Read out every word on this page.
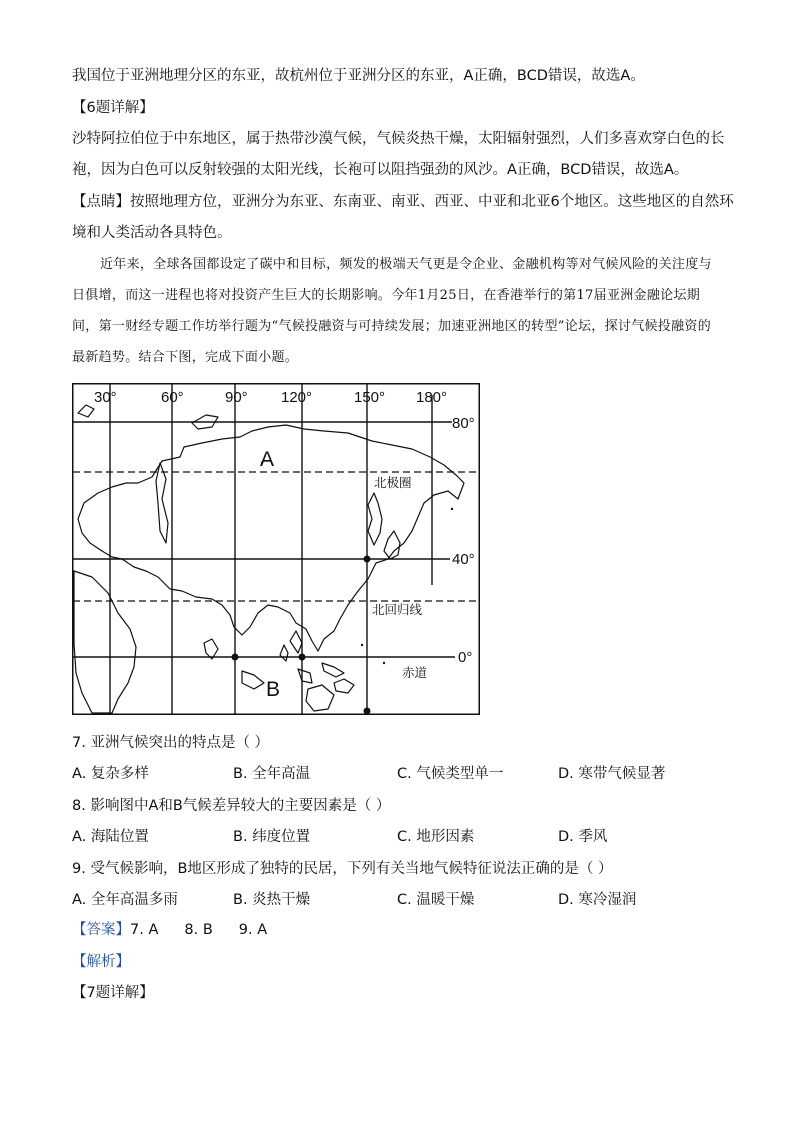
我国位于亚洲地理分区的东亚，故杭州位于亚洲分区的东亚，A正确，BCD错误，故选A。
【6题详解】
沙特阿拉伯位于中东地区，属于热带沙漠气候，气候炎热干燥，太阳辐射强烈，人们多喜欢穿白色的长
袍，因为白色可以反射较强的太阳光线，长袍可以阻挡强劲的风沙。A正确，BCD错误，故选A。
【点睛】按照地理方位，亚洲分为东亚、东南亚、南亚、西亚、中亚和北亚6个地区。这些地区的自然环
境和人类活动各具特色。
近年来，全球各国都设定了碳中和目标，频发的极端天气更是令企业、金融机构等对气候风险的关注度与日俱增，而这一进程也将对投资产生巨大的长期影响。今年1月25日，在香港举行的第17届亚洲金融论坛期间，第一财经专题工作坊举行题为“气候投融资与可持续发展；加速亚洲地区的转型”论坛，探讨气候投融资的最新趋势。结合下图，完成下面小题。
30°	60°	90° 120°	150° 180°
80°
40°
0°
北极圈
北回归线
赤道
A
B
7. 亚洲气候突出的特点是（ ）
A. 复杂多样	B. 全年高温	C. 气候类型单一	D. 寒带气候显著
8. 影响图中A和B气候差异较大的主要因素是（ ）
A. 海陆位置	B. 纬度位置	C. 地形因素	D. 季风
9. 受气候影响，B地区形成了独特的民居，下列有关当地气候特征说法正确的是（ ）
A. 全年高温多雨	B. 炎热干燥	C. 温暖干燥	D. 寒冷湿润
【答案】7. A 8. B 9. A
【解析】
【7题详解】
